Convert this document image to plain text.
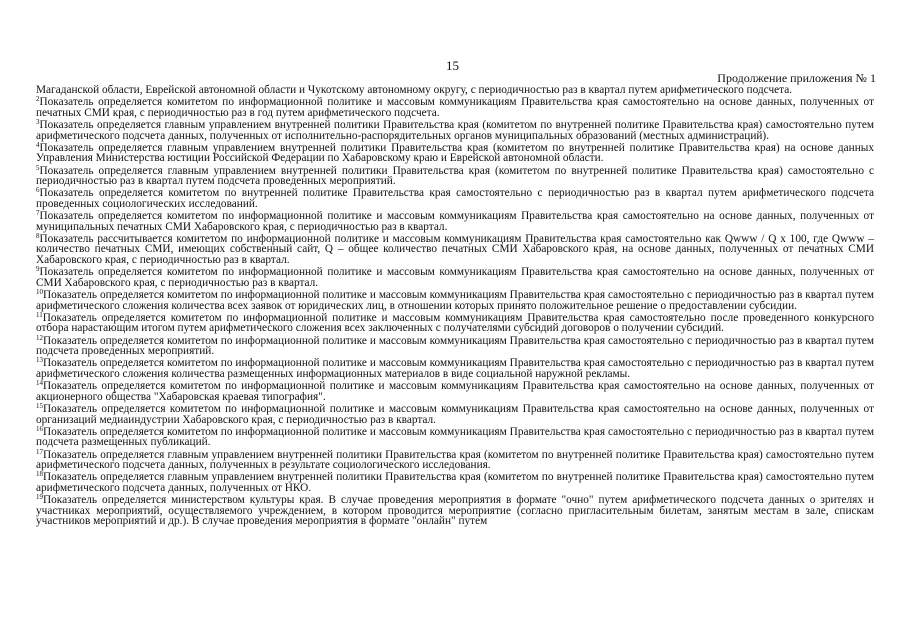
15
Продолжение приложения № 1

Магаданской области, Еврейской автономной области и Чукотскому автономному округу, с периодичностью раз в квартал путем арифметического подсчета.

$^2$Показатель определяется комитетом по информационной политике и массовым коммуникациям Правительства края самостоятельно на основе данных, полученных от печатных СМИ края, с периодичностью раз в год путем арифметического подсчета.

$^3$Показатель определяется главным управлением внутренней политики Правительства края (комитетом по внутренней политике Правительства края) самостоятельно путем арифметического подсчета данных, полученных от исполнительно-распорядительных органов муниципальных образований (местных администраций).

$^4$Показатель определяется главным управлением внутренней политики Правительства края (комитетом по внутренней политике Правительства края) на основе данных Управления Министерства юстиции Российской Федерации по Хабаровскому краю и Еврейской автономной области.

$^5$Показатель определяется главным управлением внутренней политики Правительства края (комитетом по внутренней политике Правительства края) самостоятельно с периодичностью раз в квартал путем подсчета проведенных мероприятий.

$^6$Показатель определяется комитетом по внутренней политике Правительства края самостоятельно с периодичностью раз в квартал путем арифметического подсчета проведенных социологических исследований.

$^7$Показатель определяется комитетом по информационной политике и массовым коммуникациям Правительства края самостоятельно на основе данных, полученных от муниципальных печатных СМИ Хабаровского края, с периодичностью раз в квартал.

$^8$Показатель рассчитывается комитетом по информационной политике и массовым коммуникациям Правительства края самостоятельно как Qwww / Q x 100, где Qwww – количество печатных СМИ, имеющих собственный сайт, Q – общее количество печатных СМИ Хабаровского края, на основе данных, полученных от печатных СМИ Хабаровского края, с периодичностью раз в квартал.

$^9$Показатель определяется комитетом по информационной политике и массовым коммуникациям Правительства края самостоятельно на основе данных, полученных от СМИ Хабаровского края, с периодичностью раз в квартал.

$^{10}$Показатель определяется комитетом по информационной политике и массовым коммуникациям Правительства края самостоятельно с периодичностью раз в квартал путем арифметического сложения количества всех заявок от юридических лиц, в отношении которых принято положительное решение о предоставлении субсидии.

$^{11}$Показатель определяется комитетом по информационной политике и массовым коммуникациям Правительства края самостоятельно после проведенного конкурсного отбора нарастающим итогом путем арифметического сложения всех заключенных с получателями субсидий договоров о получении субсидий.

$^{12}$Показатель определяется комитетом по информационной политике и массовым коммуникациям Правительства края самостоятельно с периодичностью раз в квартал путем подсчета проведенных мероприятий.

$^{13}$Показатель определяется комитетом по информационной политике и массовым коммуникациям Правительства края самостоятельно с периодичностью раз в квартал путем арифметического сложения количества размещенных информационных материалов в виде социальной наружной рекламы.

$^{14}$Показатель определяется комитетом по информационной политике и массовым коммуникациям Правительства края самостоятельно на основе данных, полученных от акционерного общества "Хабаровская краевая типография".

$^{15}$Показатель определяется комитетом по информационной политике и массовым коммуникациям Правительства края самостоятельно на основе данных, полученных от организаций медиаиндустрии Хабаровского края, с периодичностью раз в квартал.

$^{16}$Показатель определяется комитетом по информационной политике и массовым коммуникациям Правительства края самостоятельно с периодичностью раз в квартал путем подсчета размещенных публикаций.

$^{17}$Показатель определяется главным управлением внутренней политики Правительства края (комитетом по внутренней политике Правительства края) самостоятельно путем арифметического подсчета данных, полученных в результате социологического исследования.

$^{18}$Показатель определяется главным управлением внутренней политики Правительства края (комитетом по внутренней политике Правительства края) самостоятельно путем арифметического подсчета данных, полученных от НКО.

$^{19}$Показатель определяется министерством культуры края. В случае проведения мероприятия в формате "очно" путем арифметического подсчета данных о зрителях и участниках мероприятий, осуществляемого учреждением, в котором проводится мероприятие (согласно пригласительным билетам, занятым местам в зале, спискам участников мероприятий и др.). В случае проведения мероприятия в формате "онлайн" путем
